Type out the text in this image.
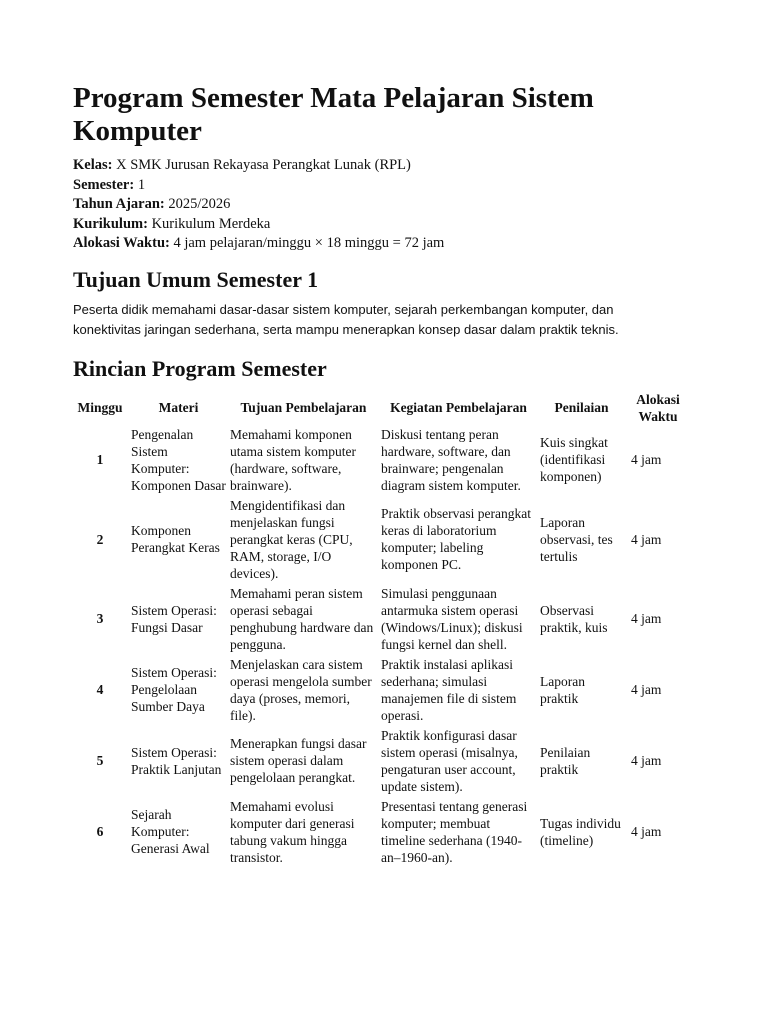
Program Semester Mata Pelajaran Sistem Komputer
Kelas: X SMK Jurusan Rekayasa Perangkat Lunak (RPL)
Semester: 1
Tahun Ajaran: 2025/2026
Kurikulum: Kurikulum Merdeka
Alokasi Waktu: 4 jam pelajaran/minggu × 18 minggu = 72 jam
Tujuan Umum Semester 1
Peserta didik memahami dasar-dasar sistem komputer, sejarah perkembangan komputer, dan konektivitas jaringan sederhana, serta mampu menerapkan konsep dasar dalam praktik teknis.
Rincian Program Semester
Minggu	Materi	Tujuan Pembelajaran	Kegiatan Pembelajaran	Penilaian	Alokasi Waktu
1	Pengenalan Sistem Komputer: Komponen Dasar	Memahami komponen utama sistem komputer (hardware, software, brainware).	Diskusi tentang peran hardware, software, dan brainware; pengenalan diagram sistem komputer.	Kuis singkat (identifikasi komponen)	4 jam
2	Komponen Perangkat Keras	Mengidentifikasi dan menjelaskan fungsi perangkat keras (CPU, RAM, storage, I/O devices).	Praktik observasi perangkat keras di laboratorium komputer; labeling komponen PC.	Laporan observasi, tes tertulis	4 jam
3	Sistem Operasi: Fungsi Dasar	Memahami peran sistem operasi sebagai penghubung hardware dan pengguna.	Simulasi penggunaan antarmuka sistem operasi (Windows/Linux); diskusi fungsi kernel dan shell.	Observasi praktik, kuis	4 jam
4	Sistem Operasi: Pengelolaan Sumber Daya	Menjelaskan cara sistem operasi mengelola sumber daya (proses, memori, file).	Praktik instalasi aplikasi sederhana; simulasi manajemen file di sistem operasi.	Laporan praktik	4 jam
5	Sistem Operasi: Praktik Lanjutan	Menerapkan fungsi dasar sistem operasi dalam pengelolaan perangkat.	Praktik konfigurasi dasar sistem operasi (misalnya, pengaturan user account, update sistem).	Penilaian praktik	4 jam
6	Sejarah Komputer: Generasi Awal	Memahami evolusi komputer dari generasi tabung vakum hingga transistor.	Presentasi tentang generasi komputer; membuat timeline sederhana (1940-an–1960-an).	Tugas individu (timeline)	4 jam
